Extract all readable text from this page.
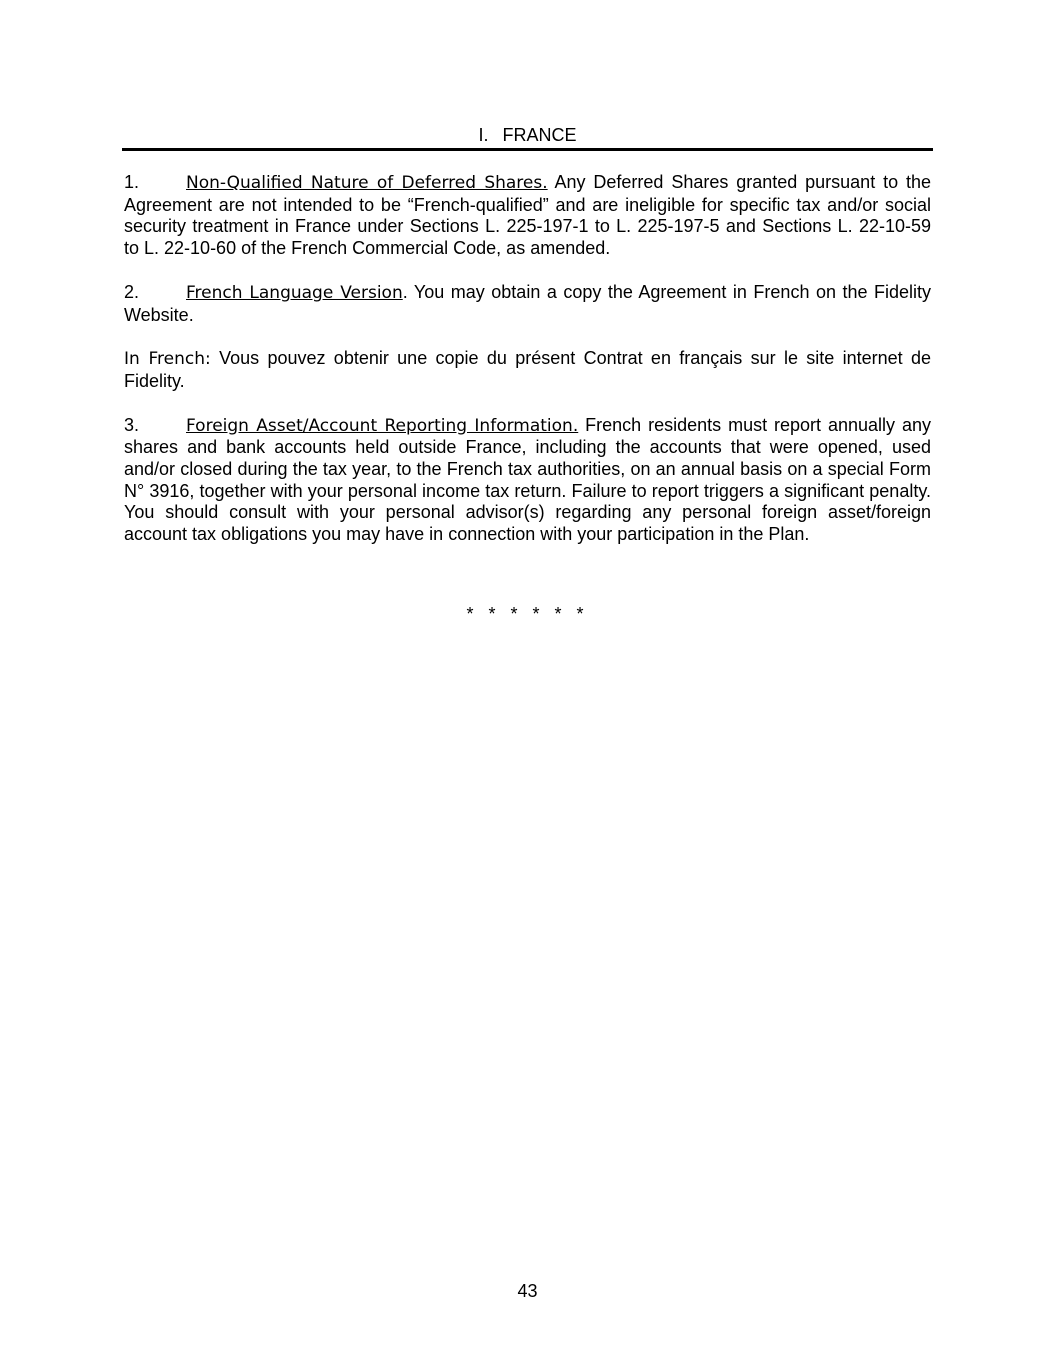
I. FRANCE

1.	Non-Qualified Nature of Deferred Shares. Any Deferred Shares granted pursuant to the Agreement are not intended to be “French-qualified” and are ineligible for specific tax and/or social security treatment in France under Sections L. 225-197-1 to L. 225-197-5 and Sections L. 22-10-59 to L. 22-10-60 of the French Commercial Code, as amended.

2.	French Language Version. You may obtain a copy the Agreement in French on the Fidelity Website.

In French: Vous pouvez obtenir une copie du présent Contrat en français sur le site internet de Fidelity.

3.	Foreign Asset/Account Reporting Information. French residents must report annually any shares and bank accounts held outside France, including the accounts that were opened, used and/or closed during the tax year, to the French tax authorities, on an annual basis on a special Form N° 3916, together with your personal income tax return. Failure to report triggers a significant penalty. You should consult with your personal advisor(s) regarding any personal foreign asset/foreign account tax obligations you may have in connection with your participation in the Plan.

* * * * * *
43
